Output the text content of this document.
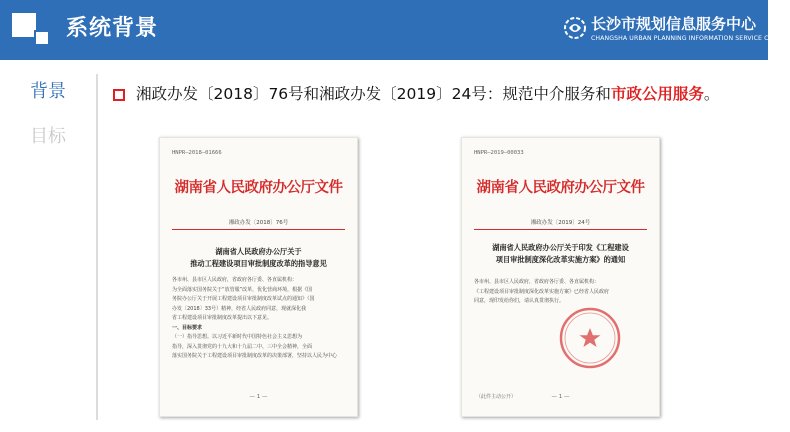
系统背景	长沙市规划信息服务中心
CHANGSHA URBAN PLANNING INFORMATION SERVICE CENTER
背景
目标
湘政办发〔2018〕76号和湘政办发〔2019〕24号：规范中介服务和市政公用服务。
HNPR—2018—01666
湖南省人民政府办公厅文件
湘政办发〔2018〕76号
湖南省人民政府办公厅关于
推动工程建设项目审批制度改革的指导意见

各市州、县市区人民政府，省政府各厅委、各直属机构：

为全面落实国务院关于“放管服”改革，优化营商环境，根据《国

务院办公厅关于开展工程建设项目审批制度改革试点的通知》（国

办发〔2018〕33号）精神，经省人民政府同意，现就深化我

省工程建设项目审批制度改革提出以下意见。

一、目标要求

（一）指导思想。以习近平新时代中国特色社会主义思想为

指导，深入贯彻党的十九大和十九届二中、三中全会精神，全面

落实国务院关于工程建设项目审批制度改革的决策部署，坚持以人民为中心

— 1 —
HNPR—2019—00033
湖南省人民政府办公厅文件
湘政办发〔2019〕24号
湖南省人民政府办公厅关于印发《工程建设
项目审批制度深化改革实施方案》的通知

各市州、县市区人民政府，省政府各厅委、各直属机构：

《工程建设项目审批制度深化改革实施方案》已经省人民政府

同意，现印发给你们，请认真贯彻执行。

（此件主动公开）	— 1 —
